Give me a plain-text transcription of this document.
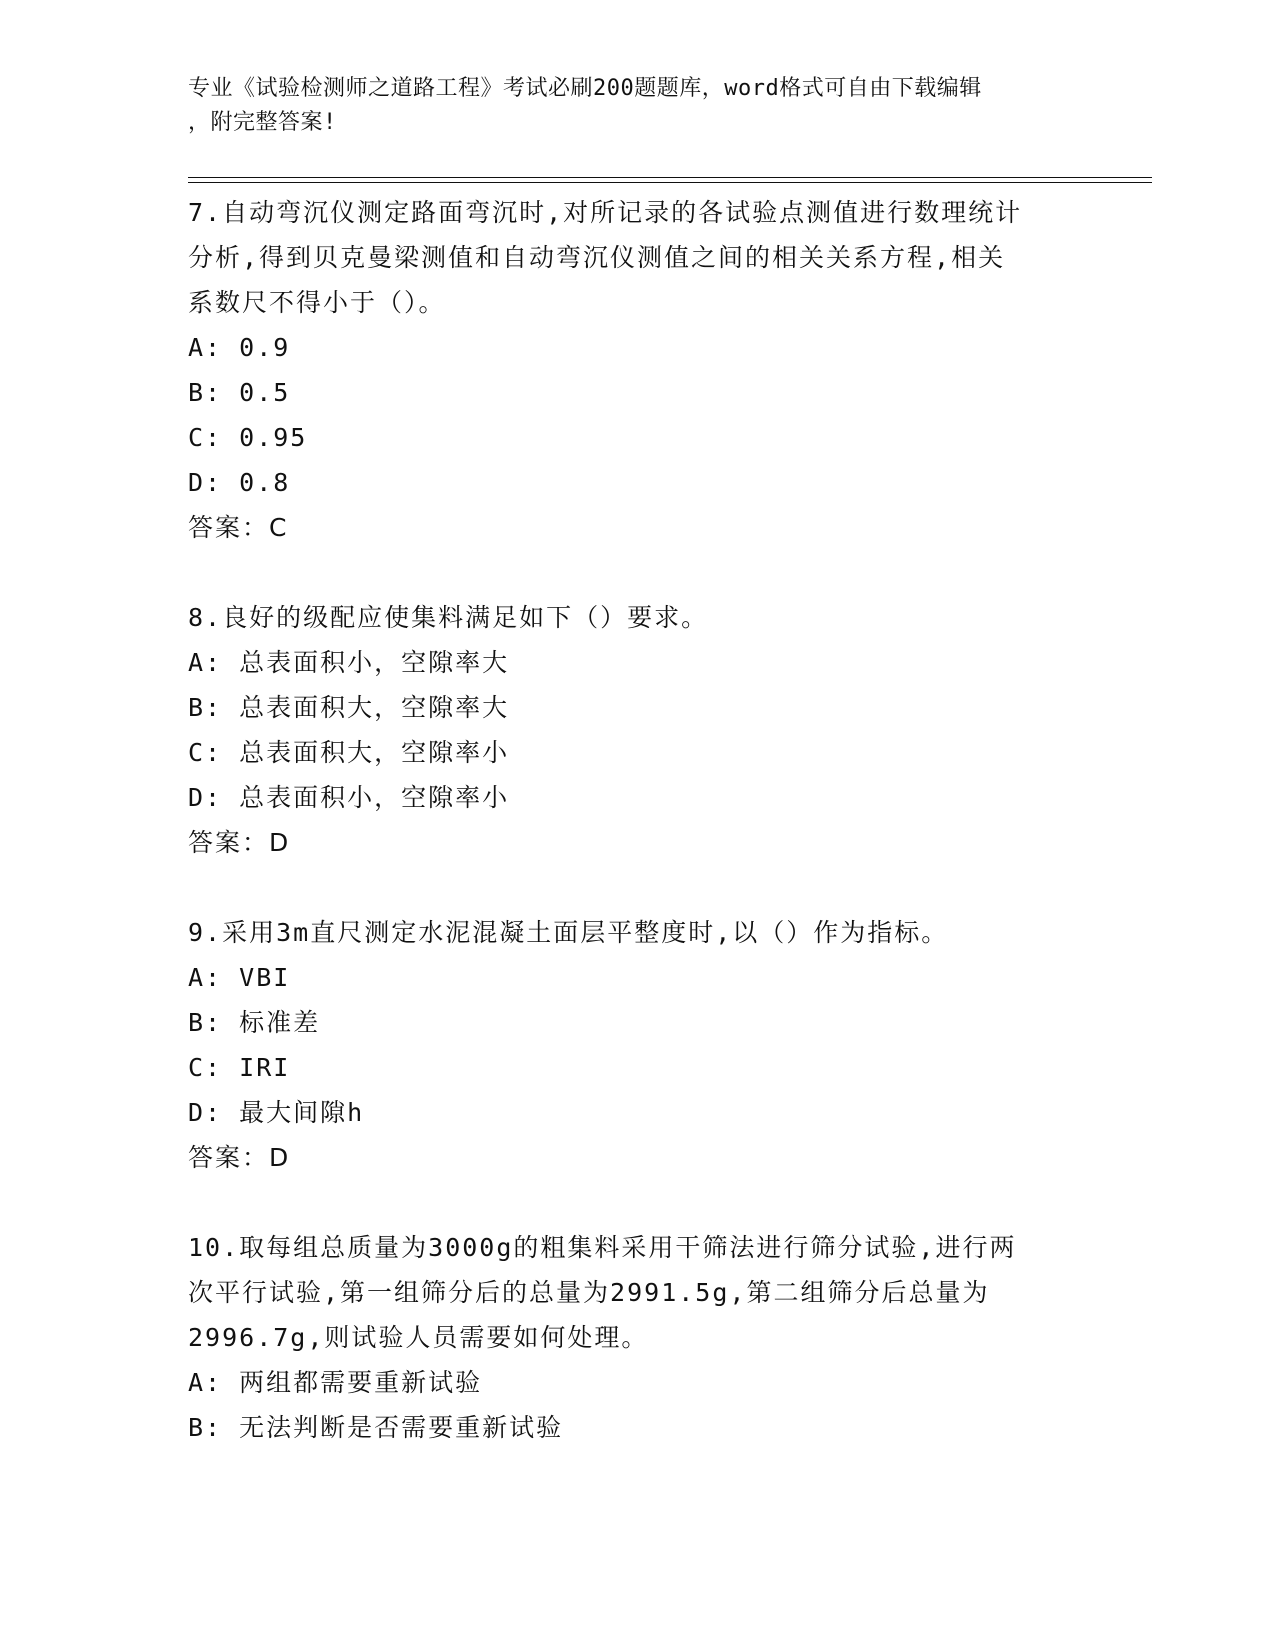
专业《试验检测师之道路工程》考试必刷200题题库，word格式可自由下载编辑
，附完整答案!

7.自动弯沉仪测定路面弯沉时,对所记录的各试验点测值进行数理统计

分析,得到贝克曼梁测值和自动弯沉仪测值之间的相关关系方程,相关

系数尺不得小于（）。

A: 0.9

B: 0.5

C: 0.95

D: 0.8

答案：C

8.良好的级配应使集料满足如下（）要求。

A: 总表面积小，空隙率大

B: 总表面积大，空隙率大

C: 总表面积大，空隙率小

D: 总表面积小，空隙率小

答案：D

9.采用3m直尺测定水泥混凝土面层平整度时,以（）作为指标。

A: VBI

B: 标准差

C: IRI

D: 最大间隙h

答案：D

10.取每组总质量为3000g的粗集料采用干筛法进行筛分试验,进行两

次平行试验,第一组筛分后的总量为2991.5g,第二组筛分后总量为

2996.7g,则试验人员需要如何处理。

A: 两组都需要重新试验

B: 无法判断是否需要重新试验
